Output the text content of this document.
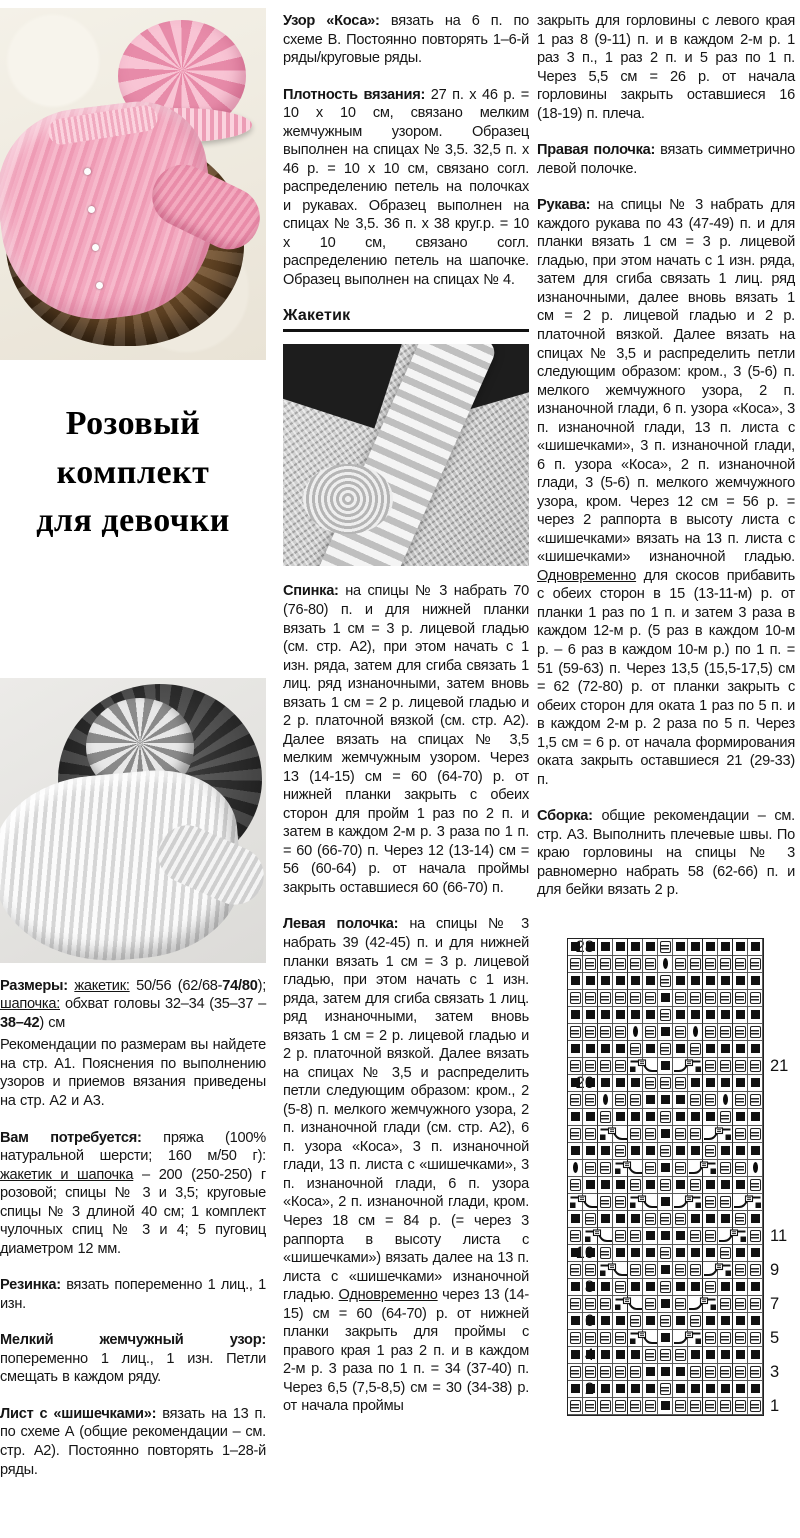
Розовый
комплект
для девочки

Размеры: жакетик: 50/56 (62/68-74/80); шапочка: обхват головы 32–34 (35–37 – 38–42) см

Рекомендации по размерам вы найдете на стр. А1. Пояснения по выполнению узоров и приемов вязания приведены на стр. А2 и А3.

Вам потребуется: пряжа (100% натуральной шерсти; 160 м/50 г): жакетик и шапочка – 200 (250-250) г розовой; спицы № 3 и 3,5; круговые спицы № 3 длиной 40 см; 1 комплект чулочных спиц № 3 и 4; 5 пуговиц диаметром 12 мм.

Резинка: вязать попеременно 1 лиц., 1 изн.

Мелкий жемчужный узор: попеременно 1 лиц., 1 изн. Петли смещать в каждом ряду.

Лист с «шишечками»: вязать на 13 п. по схеме А (общие рекомендации – см. стр. А2). Постоянно повторять 1–28-й ряды.

Узор «Коса»: вязать на 6 п. по схеме В. Постоянно повторять 1–6-й ряды/круговые ряды.

Плотность вязания: 27 п. х 46 р. = 10 х 10 см, связано мелким жемчужным узором. Образец выполнен на спицах № 3,5. 32,5 п. х 46 р. = 10 х 10 см, связано согл. распределению петель на полочках и рукавах. Образец выполнен на спицах № 3,5. 36 п. х 38 круг.р. = 10 х 10 см, связано согл. распределению петель на шапочке. Образец выполнен на спицах № 4.

Жакетик

Спинка: на спицы № 3 набрать 70 (76-80) п. и для нижней планки вязать 1 см = 3 р. лицевой гладью (см. стр. А2), при этом начать с 1 изн. ряда, затем для сгиба связать 1 лиц. ряд изнаночными, затем вновь вязать 1 см = 2 р. лицевой гладью и 2 р. платочной вязкой (см. стр. А2). Далее вязать на спицах № 3,5 мелким жемчужным узором. Через 13 (14-15) см = 60 (64-70) р. от нижней планки закрыть с обеих сторон для пройм 1 раз по 2 п. и затем в каждом 2-м р. 3 раза по 1 п. = 60 (66-70) п. Через 12 (13-14) см = 56 (60-64) р. от начала проймы закрыть оставшиеся 60 (66-70) п.

Левая полочка: на спицы № 3 набрать 39 (42-45) п. и для нижней планки вязать 1 см = 3 р. лицевой гладью, при этом начать с 1 изн. ряда, затем для сгиба связать 1 лиц. ряд изнаночными, затем вновь вязать 1 см = 2 р. лицевой гладью и 2 р. платочной вязкой. Далее вязать на спицах № 3,5 и распределить петли следующим образом: кром., 2 (5-8) п. мелкого жемчужного узора, 2 п. изнаночной глади (см. стр. А2), 6 п. узора «Коса», 3 п. изнаночной глади, 13 п. листа с «шишечками», 3 п. изнаночной глади, 6 п. узора «Коса», 2 п. изнаночной глади, кром. Через 18 см = 84 р. (= через 3 раппорта в высоту листа с «шишечками») вязать далее на 13 п. листа с «шишечками» изнаночной гладью. Одновременно через 13 (14-15) см = 60 (64-70) р. от нижней планки закрыть для проймы с правого края 1 раз 2 п. и в каждом 2-м р. 3 раза по 1 п. = 34 (37-40) п. Через 6,5 (7,5-8,5) см = 30 (34-38) р. от начала проймы

закрыть для горловины с левого края 1 раз 8 (9-11) п. и в каждом 2-м р. 1 раз 3 п., 1 раз 2 п. и 5 раз по 1 п. Через 5,5 см = 26 р. от начала горловины закрыть оставшиеся 16 (18-19) п. плеча.

Правая полочка: вязать симметрично левой полочке.

Рукава: на спицы № 3 набрать для каждого рукава по 43 (47-49) п. и для планки вязать 1 см = 3 р. лицевой гладью, при этом начать с 1 изн. ряда, затем для сгиба связать 1 лиц. ряд изнаночными, далее вновь вязать 1 см = 2 р. лицевой гладью и 2 р. платочной вязкой. Далее вязать на спицах № 3,5 и распределить петли следующим образом: кром., 3 (5-6) п. мелкого жемчужного узора, 2 п. изнаночной глади, 6 п. узора «Коса», 3 п. изнаночной глади, 13 п. листа с «шишечками», 3 п. изнаночной глади, 6 п. узора «Коса», 2 п. изнаночной глади, 3 (5-6) п. мелкого жемчужного узора, кром. Через 12 см = 56 р. = через 2 раппорта в высоту листа с «шишечками» вязать на 13 п. листа с «шишечками» изнаночной гладью. Одновременно для скосов прибавить с обеих сторон в 15 (13-11-м) р. от планки 1 раз по 1 п. и затем 3 раза в каждом 12-м р. (5 раз в каждом 10-м р. – 6 раз в каждом 10-м р.) по 1 п. = 51 (59-63) п. Через 13,5 (15,5-17,5) см = 62 (72-80) р. от планки закрыть с обеих сторон для оката 1 раз по 5 п. и в каждом 2-м р. 2 раза по 5 п. Через 1,5 см = 6 р. от начала формирования оката закрыть оставшиеся 21 (29-33) п.

Сборка: общие рекомендации – см. стр. А3. Выполнить плечевые швы. По краю горловины на спицы № 3 равномерно набрать 58 (62-66) п. и для бейки вязать 2 р.

21
11
9
7
5
3
1
